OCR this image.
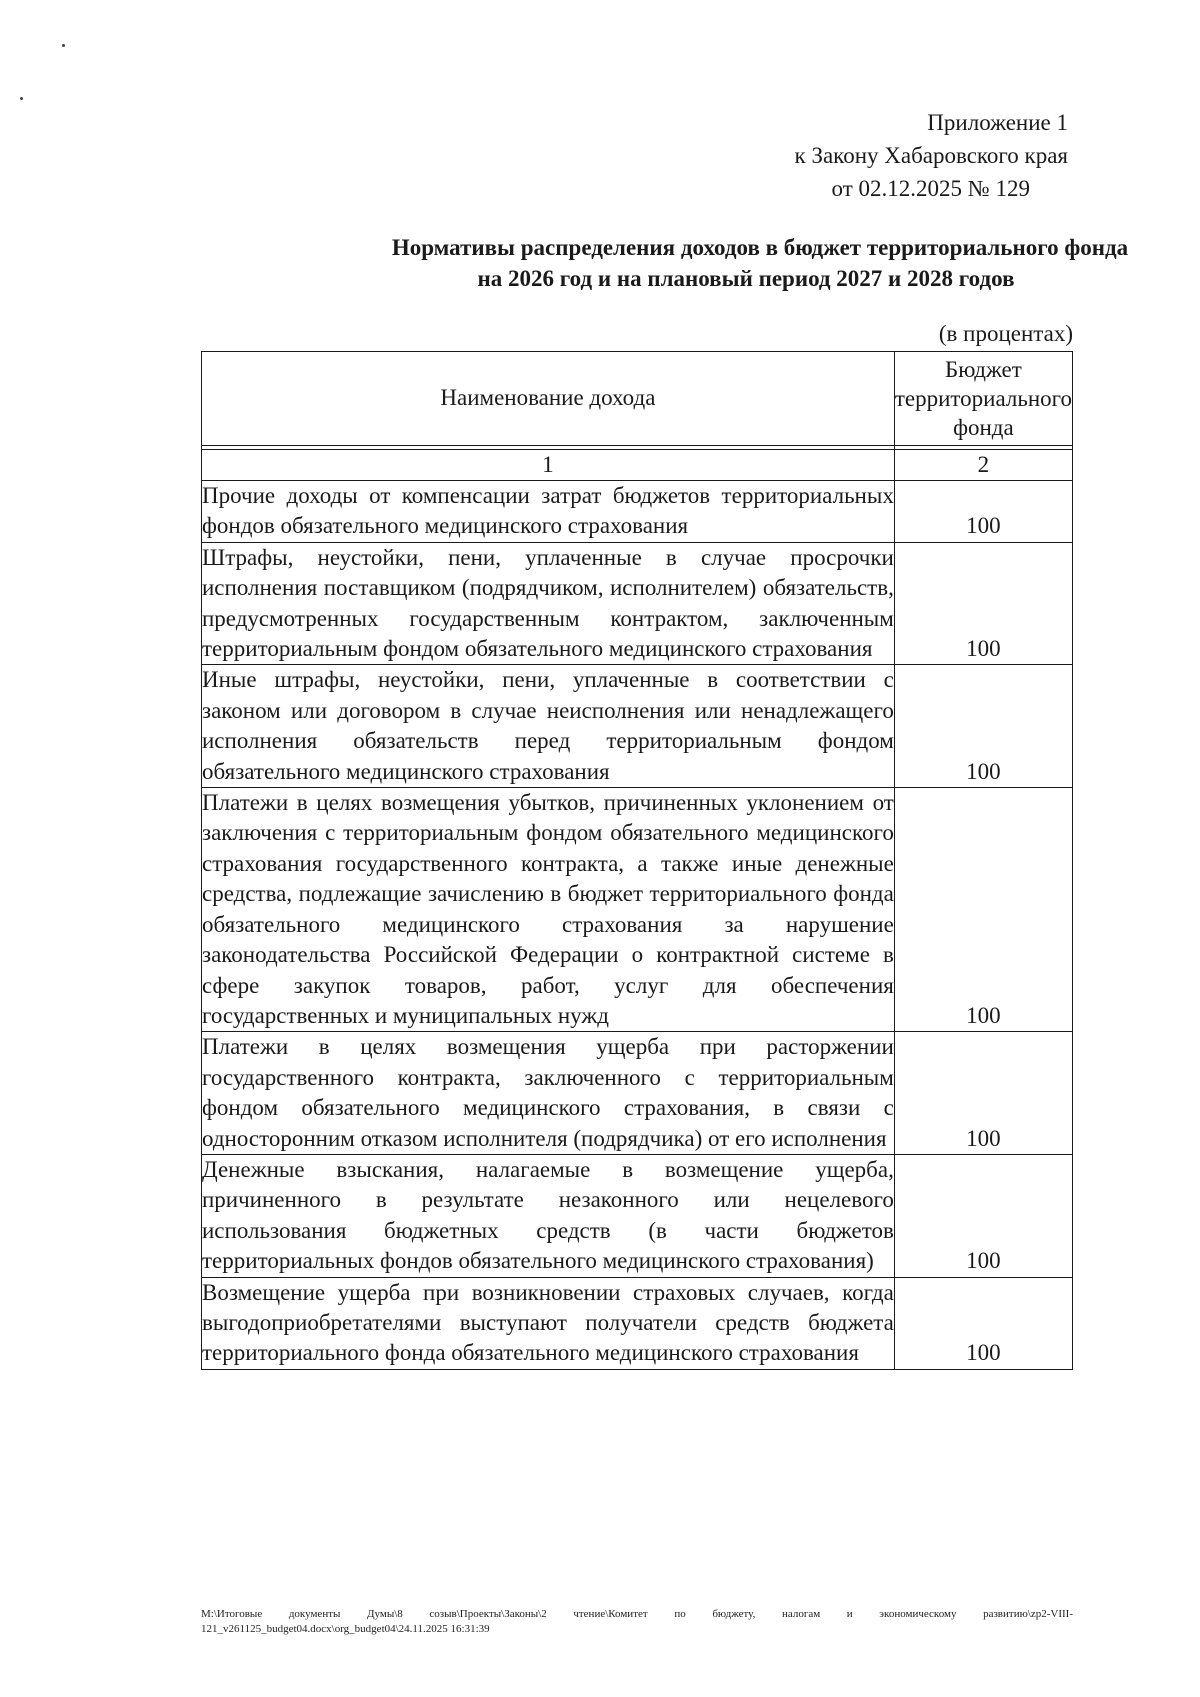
Приложение 1
к Закону Хабаровского края
от 02.12.2025 № 129
Нормативы распределения доходов в бюджет территориального фонда
на 2026 год и на плановый период 2027 и 2028 годов
(в процентах)
Наименование дохода	Бюджет территориального фонда

1	2
Прочие доходы от компенсации затрат бюджетов территориальных фондов обязательного медицинского страхования	100
Штрафы, неустойки, пени, уплаченные в случае просрочки исполнения поставщиком (подрядчиком, исполнителем) обязательств, предусмотренных государственным контрактом, заключенным территориальным фондом обязательного медицинского страхования	100
Иные штрафы, неустойки, пени, уплаченные в соответствии с законом или договором в случае неисполнения или ненадлежащего исполнения обязательств перед территориальным фондом обязательного медицинского страхования	100
Платежи в целях возмещения убытков, причиненных уклонением от заключения с территориальным фондом обязательного медицинского страхования государственного контракта, а также иные денежные средства, подлежащие зачислению в бюджет территориального фонда обязательного медицинского страхования за нарушение законодательства Российской Федерации о контрактной системе в сфере закупок товаров, работ, услуг для обеспечения государственных и муниципальных нужд	100
Платежи в целях возмещения ущерба при расторжении государственного контракта, заключенного с территориальным фондом обязательного медицинского страхования, в связи с односторонним отказом исполнителя (подрядчика) от его исполнения	100
Денежные взыскания, налагаемые в возмещение ущерба, причиненного в результате незаконного или нецелевого использования бюджетных средств (в части бюджетов территориальных фондов обязательного медицинского страхования)	100
Возмещение ущерба при возникновении страховых случаев, когда выгодоприобретателями выступают получатели средств бюджета территориального фонда обязательного медицинского страхования	100
M:\Итоговые документы Думы\8 созыв\Проекты\Законы\2 чтение\Комитет по бюджету, налогам и экономическому развитию\zp2-VIII-121_v261125_budget04.docx\org_budget04\24.11.2025 16:31:39
